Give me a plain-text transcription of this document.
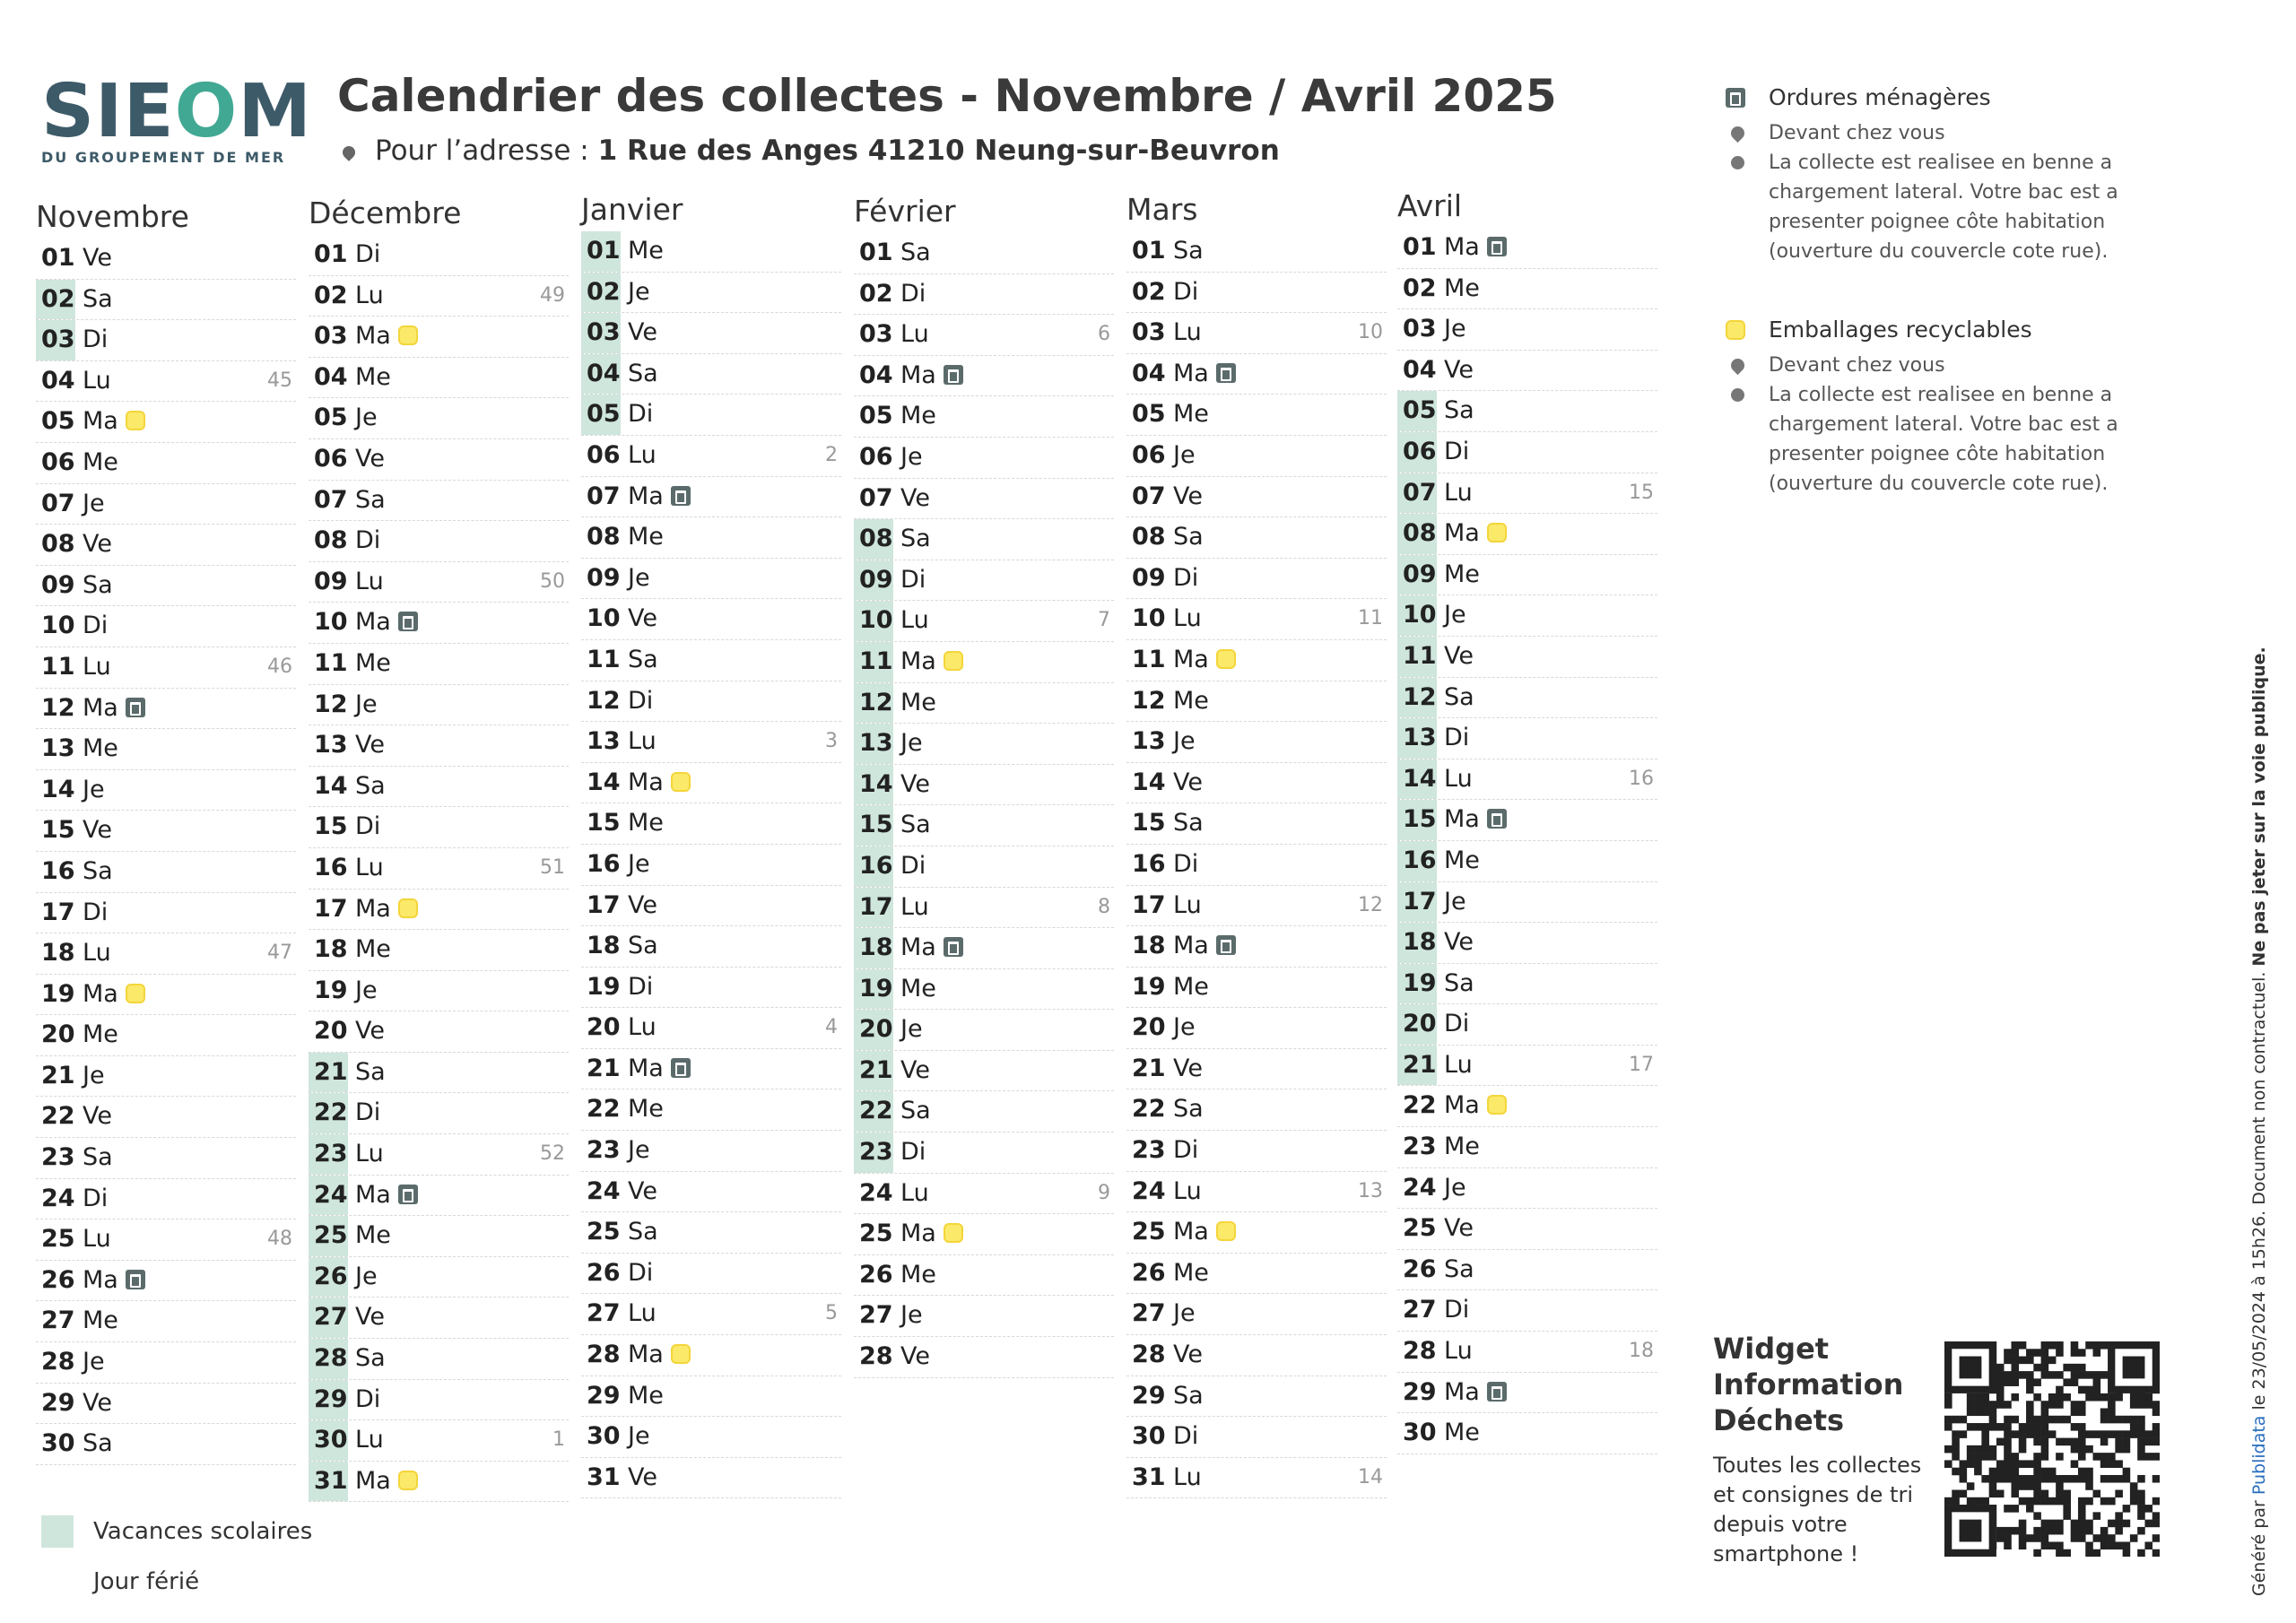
SIEOM
DU GROUPEMENT DE MER
Calendrier des collectes - Novembre / Avril 2025
Pour l’adresse : 1 Rue des Anges 41210 Neung-sur-Beuvron
Novembre
01 Ve
02 Sa
03 Di
04 Lu	45
05 Ma
06 Me
07 Je
08 Ve
09 Sa
10 Di
11 Lu	46
12 Ma
13 Me
14 Je
15 Ve
16 Sa
17 Di
18 Lu	47
19 Ma
20 Me
21 Je
22 Ve
23 Sa
24 Di
25 Lu	48
26 Ma
27 Me
28 Je
29 Ve
30 Sa
Décembre
01 Di
02 Lu	49
03 Ma
04 Me
05 Je
06 Ve
07 Sa
08 Di
09 Lu	50
10 Ma
11 Me
12 Je
13 Ve
14 Sa
15 Di
16 Lu	51
17 Ma
18 Me
19 Je
20 Ve
21 Sa
22 Di
23 Lu	52
24 Ma
25 Me
26 Je
27 Ve
28 Sa
29 Di
30 Lu	1
31 Ma
Janvier
01 Me
02 Je
03 Ve
04 Sa
05 Di
06 Lu	2
07 Ma
08 Me
09 Je
10 Ve
11 Sa
12 Di
13 Lu	3
14 Ma
15 Me
16 Je
17 Ve
18 Sa
19 Di
20 Lu	4
21 Ma
22 Me
23 Je
24 Ve
25 Sa
26 Di
27 Lu	5
28 Ma
29 Me
30 Je
31 Ve
Février
01 Sa
02 Di
03 Lu	6
04 Ma
05 Me
06 Je
07 Ve
08 Sa
09 Di
10 Lu	7
11 Ma
12 Me
13 Je
14 Ve
15 Sa
16 Di
17 Lu	8
18 Ma
19 Me
20 Je
21 Ve
22 Sa
23 Di
24 Lu	9
25 Ma
26 Me
27 Je
28 Ve
Mars
01 Sa
02 Di
03 Lu	10
04 Ma
05 Me
06 Je
07 Ve
08 Sa
09 Di
10 Lu	11
11 Ma
12 Me
13 Je
14 Ve
15 Sa
16 Di
17 Lu	12
18 Ma
19 Me
20 Je
21 Ve
22 Sa
23 Di
24 Lu	13
25 Ma
26 Me
27 Je
28 Ve
29 Sa
30 Di
31 Lu	14
Avril
01 Ma
02 Me
03 Je
04 Ve
05 Sa
06 Di
07 Lu	15
08 Ma
09 Me
10 Je
11 Ve
12 Sa
13 Di
14 Lu	16
15 Ma
16 Me
17 Je
18 Ve
19 Sa
20 Di
21 Lu	17
22 Ma
23 Me
24 Je
25 Ve
26 Sa
27 Di
28 Lu	18
29 Ma
30 Me
Ordures ménagères
Devant chez vous
La collecte est realisee en benne a chargement lateral. Votre bac est a presenter poignee côte habitation (ouverture du couvercle cote rue).
Emballages recyclables
Devant chez vous
La collecte est realisee en benne a chargement lateral. Votre bac est a presenter poignee côte habitation (ouverture du couvercle cote rue).
Vacances scolaires
Jour férié
Widget
Information
Déchets
Toutes les collectes
et consignes de tri
depuis votre
smartphone !	Généré par Publidata le 23/05/2024 à 15h26. Document non contractuel. Ne pas jeter sur la voie publique.
